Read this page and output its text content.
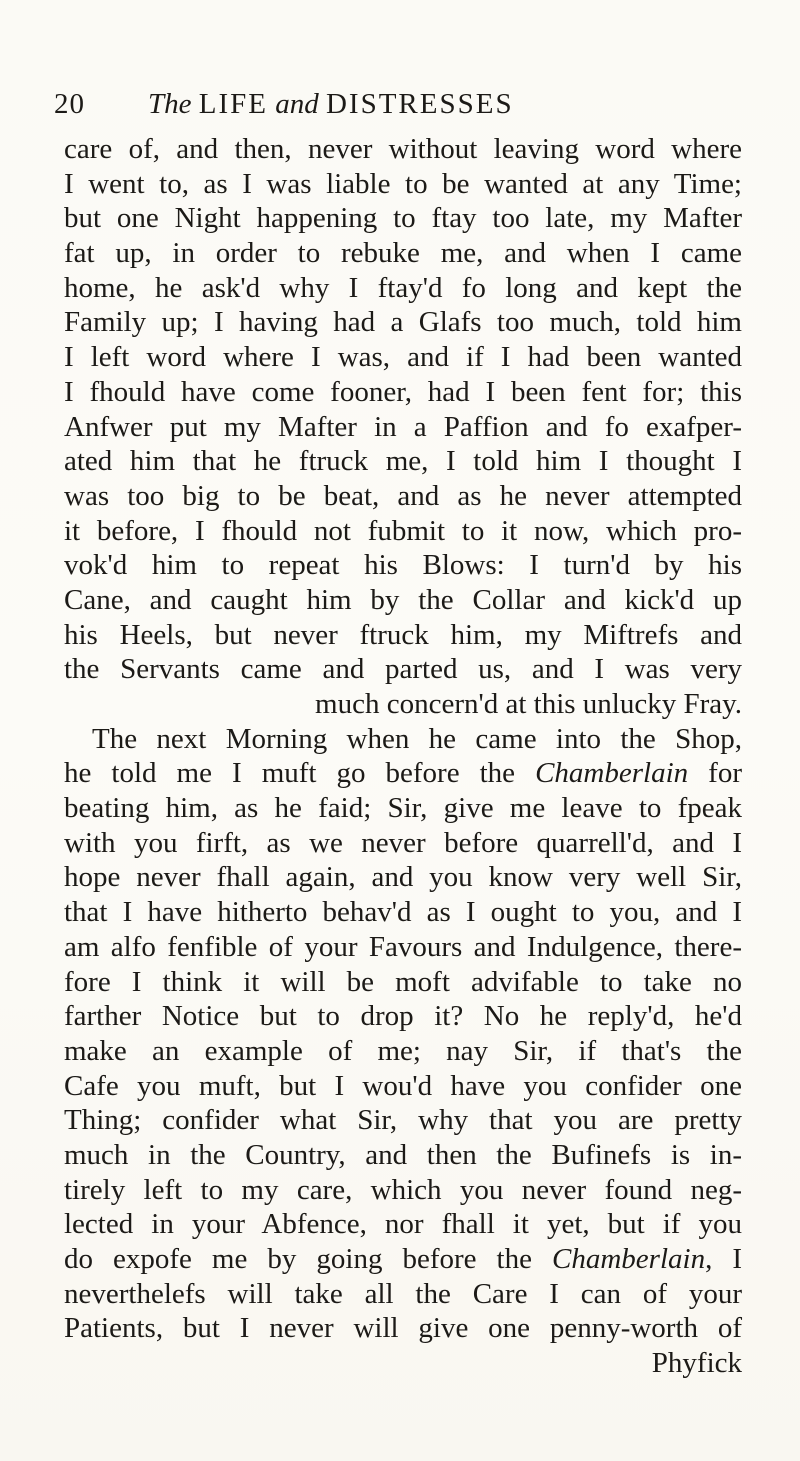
20 The LIFE and DISTRESSES
care of, and then, never without leaving word where
I went to, as I was liable to be wanted at any Time;
but one Night happening to ftay too late, my Mafter
fat up, in order to rebuke me, and when I came
home, he ask'd why I ftay'd fo long and kept the
Family up; I having had a Glafs too much, told him
I left word where I was, and if I had been wanted
I fhould have come fooner, had I been fent for; this
Anfwer put my Mafter in a Paffion and fo exafper-
ated him that he ftruck me, I told him I thought I
was too big to be beat, and as he never attempted
it before, I fhould not fubmit to it now, which pro-
vok'd him to repeat his Blows: I turn'd by his
Cane, and caught him by the Collar and kick'd up
his Heels, but never ftruck him, my Miftrefs and
the Servants came and parted us, and I was very
much concern'd at this unlucky Fray.
The next Morning when he came into the Shop,
he told me I muft go before the Chamberlain for
beating him, as he faid; Sir, give me leave to fpeak
with you firft, as we never before quarrell'd, and I
hope never fhall again, and you know very well Sir,
that I have hitherto behav'd as I ought to you, and I
am alfo fenfible of your Favours and Indulgence, there-
fore I think it will be moft advifable to take no
farther Notice but to drop it? No he reply'd, he'd
make an example of me; nay Sir, if that's the
Cafe you muft, but I wou'd have you confider one
Thing; confider what Sir, why that you are pretty
much in the Country, and then the Bufinefs is in-
tirely left to my care, which you never found neg-
lected in your Abfence, nor fhall it yet, but if you
do expofe me by going before the Chamberlain, I
neverthelefs will take all the Care I can of your
Patients, but I never will give one penny-worth of
Phyfick
